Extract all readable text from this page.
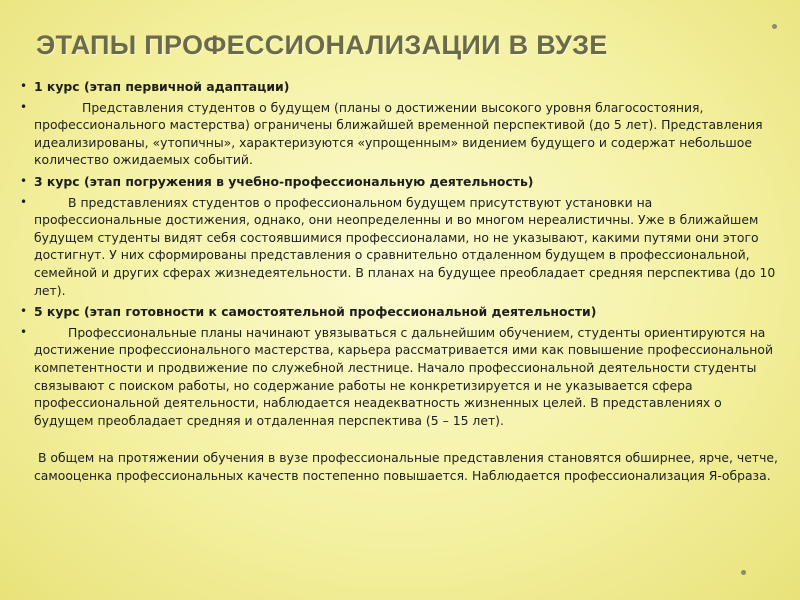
ЭТАПЫ ПРОФЕССИОНАЛИЗАЦИИ В ВУЗЕ
• 1 курс (этап первичной адаптации)
•	Представления студентов о будущем (планы о достижении высокого уровня благосостояния, профессионального мастерства) ограничены ближайшей временной перспективой (до 5 лет). Представления идеализированы, «утопичны», характеризуются «упрощенным» видением будущего и содержат небольшое количество ожидаемых событий.
• 3 курс (этап погружения в учебно-профессиональную деятельность)
•	В представлениях студентов о профессиональном будущем присутствуют установки на профессиональные достижения, однако, они неопределенны и во многом нереалистичны. Уже в ближайшем будущем студенты видят себя состоявшимися профессионалами, но не указывают, какими путями они этого достигнут. У них сформированы представления о сравнительно отдаленном будущем в профессиональной, семейной и других сферах жизнедеятельности. В планах на будущее преобладает средняя перспектива (до 10 лет).
• 5 курс (этап готовности к самостоятельной профессиональной деятельности)
•	Профессиональные планы начинают увязываться с дальнейшим обучением, студенты ориентируются на достижение профессионального мастерства, карьера рассматривается ими как повышение профессиональной компетентности и продвижение по служебной лестнице. Начало профессиональной деятельности студенты связывают с поиском работы, но содержание работы не конкретизируется и не указывается сфера профессиональной деятельности, наблюдается неадекватность жизненных целей. В представлениях о будущем преобладает средняя и отдаленная перспектива (5 – 15 лет).
В общем на протяжении обучения в вузе профессиональные представления становятся обширнее, ярче, четче, самооценка профессиональных качеств постепенно повышается. Наблюдается профессионализация Я-образа.
